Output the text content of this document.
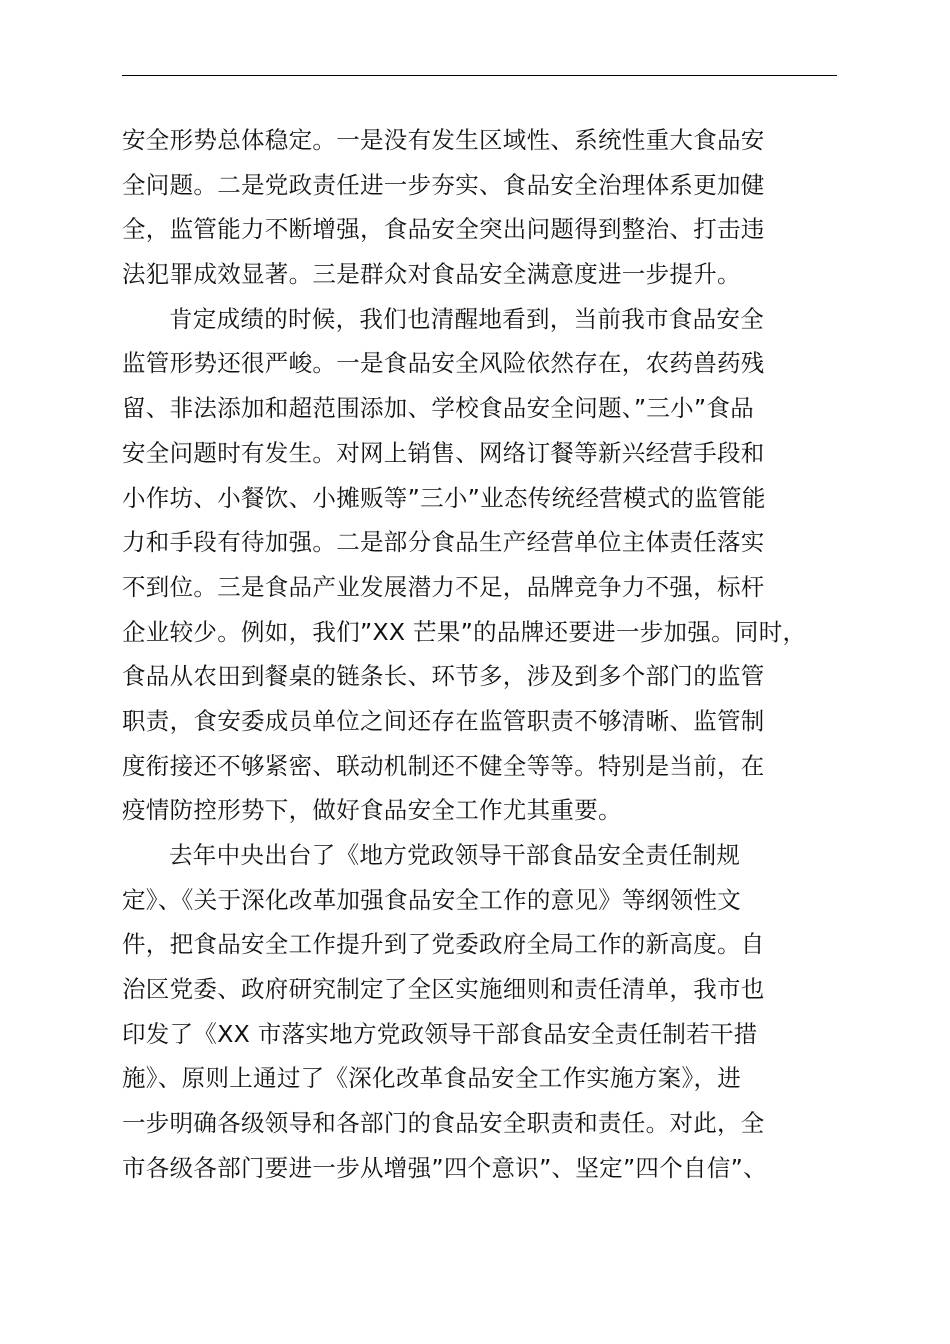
安全形势总体稳定。一是没有发生区域性、系统性重大食品安
全问题。二是党政责任进一步夯实、食品安全治理体系更加健
全，监管能力不断增强，食品安全突出问题得到整治、打击违
法犯罪成效显著。三是群众对食品安全满意度进一步提升。
肯定成绩的时候，我们也清醒地看到，当前我市食品安全
监管形势还很严峻。一是食品安全风险依然存在，农药兽药残
留、非法添加和超范围添加、学校食品安全问题、”三小”食品
安全问题时有发生。对网上销售、网络订餐等新兴经营手段和
小作坊、小餐饮、小摊贩等”三小”业态传统经营模式的监管能
力和手段有待加强。二是部分食品生产经营单位主体责任落实
不到位。三是食品产业发展潜力不足，品牌竞争力不强，标杆
企业较少。例如，我们”XX 芒果”的品牌还要进一步加强。同时，
食品从农田到餐桌的链条长、环节多，涉及到多个部门的监管
职责，食安委成员单位之间还存在监管职责不够清晰、监管制
度衔接还不够紧密、联动机制还不健全等等。特别是当前，在
疫情防控形势下，做好食品安全工作尤其重要。
去年中央出台了《地方党政领导干部食品安全责任制规
定》、《关于深化改革加强食品安全工作的意见》等纲领性文
件，把食品安全工作提升到了党委政府全局工作的新高度。自
治区党委、政府研究制定了全区实施细则和责任清单，我市也
印发了《XX 市落实地方党政领导干部食品安全责任制若干措
施》、原则上通过了《深化改革食品安全工作实施方案》，进
一步明确各级领导和各部门的食品安全职责和责任。对此，全
市各级各部门要进一步从增强”四个意识”、坚定”四个自信”、
